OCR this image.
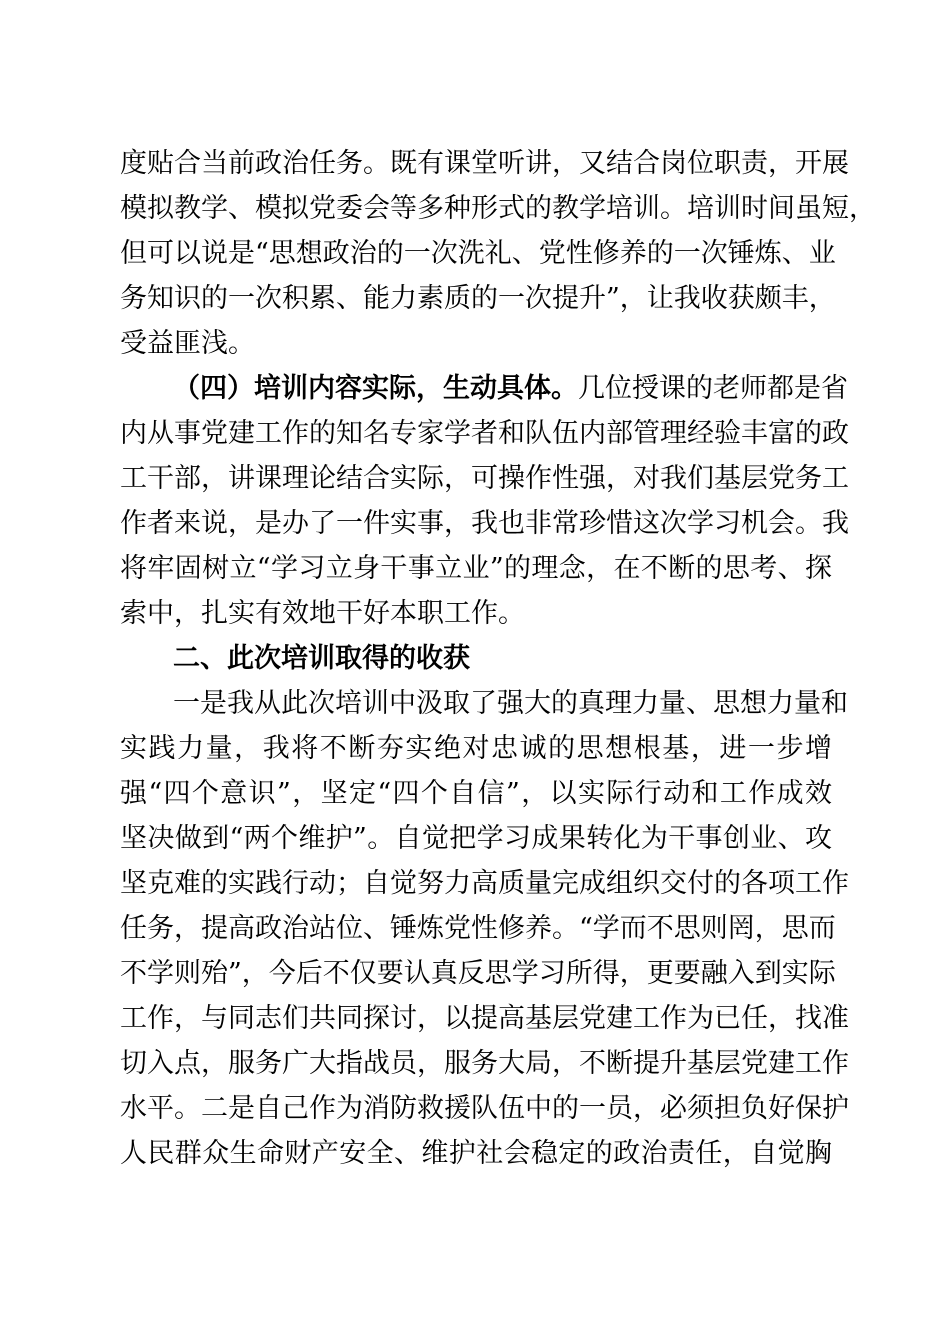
度贴合当前政治任务。既有课堂听讲，又结合岗位职责，开展
模拟教学、模拟党委会等多种形式的教学培训。培训时间虽短，
但可以说是“思想政治的一次洗礼、党性修养的一次锤炼、业
务知识的一次积累、能力素质的一次提升”，让我收获颇丰，
受益匪浅。
（四）培训内容实际，生动具体。几位授课的老师都是省
内从事党建工作的知名专家学者和队伍内部管理经验丰富的政
工干部，讲课理论结合实际，可操作性强，对我们基层党务工
作者来说，是办了一件实事，我也非常珍惜这次学习机会。我
将牢固树立“学习立身干事立业”的理念，在不断的思考、探
索中，扎实有效地干好本职工作。
二、此次培训取得的收获
一是我从此次培训中汲取了强大的真理力量、思想力量和
实践力量，我将不断夯实绝对忠诚的思想根基，进一步增
强“四个意识”，坚定“四个自信”，以实际行动和工作成效
坚决做到“两个维护”。自觉把学习成果转化为干事创业、攻
坚克难的实践行动；自觉努力高质量完成组织交付的各项工作
任务，提高政治站位、锤炼党性修养。“学而不思则罔，思而
不学则殆”，今后不仅要认真反思学习所得，更要融入到实际
工作，与同志们共同探讨，以提高基层党建工作为已任，找准
切入点，服务广大指战员，服务大局，不断提升基层党建工作
水平。二是自己作为消防救援队伍中的一员，必须担负好保护
人民群众生命财产安全、维护社会稳定的政治责任，自觉胸
